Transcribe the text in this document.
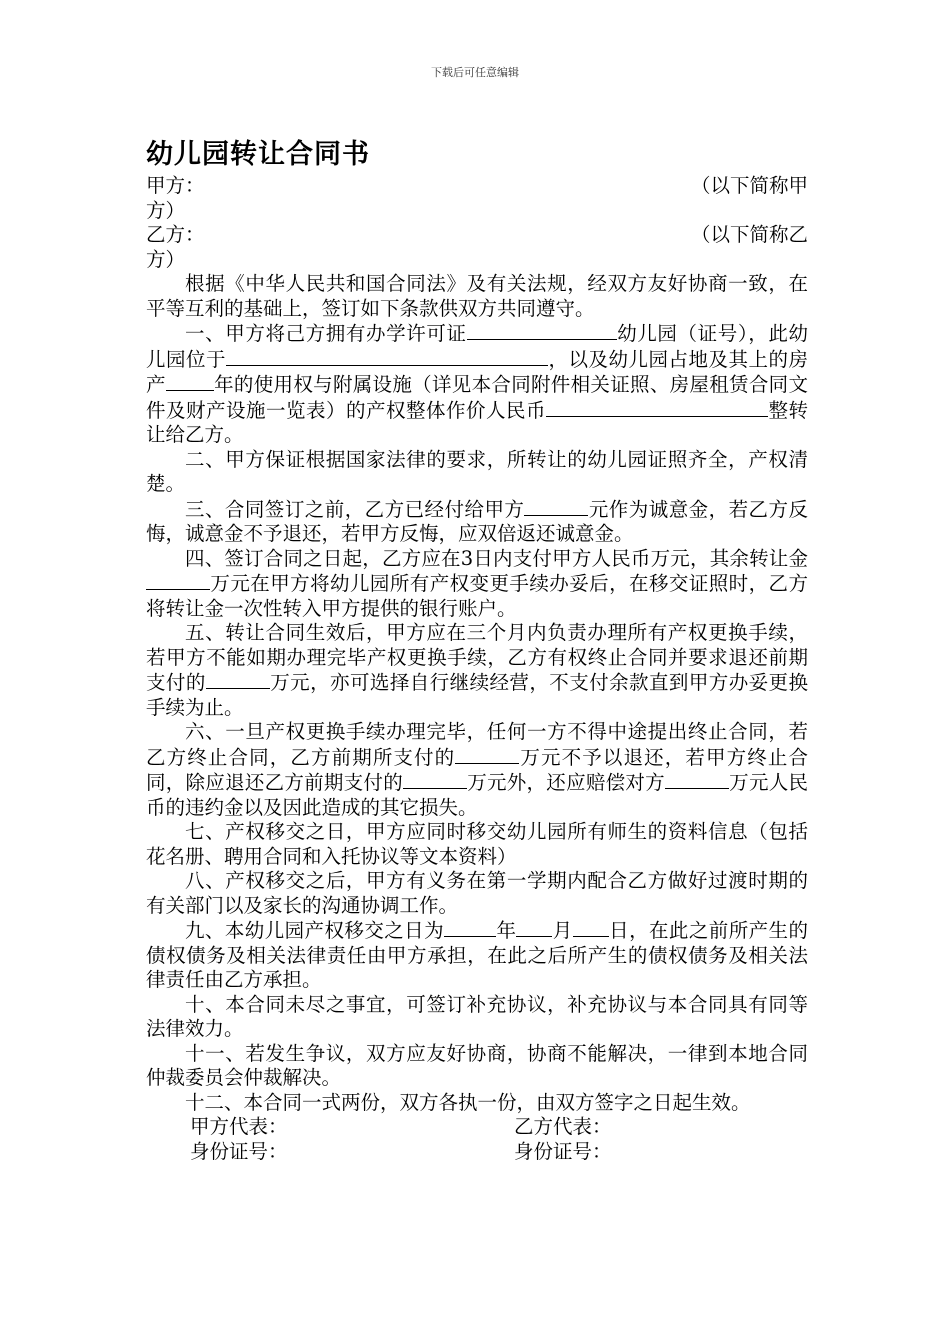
下载后可任意编辑
幼儿园转让合同书
甲方：	（以下简称甲
方）
乙方：	（以下简称乙
方）

根据《中华人民共和国合同法》及有关法规，经双方友好协商一致，在平等互利的基础上，签订如下条款供双方共同遵守。

一、甲方将己方拥有办学许可证	幼儿园（证号），此幼儿园位于	，以及幼儿园占地及其上的房产 年的使用权与附属设施（详见本合同附件相关证照、房屋租赁合同文件及财产设施一览表）的产权整体作价人民币	整转让给乙方。

二、甲方保证根据国家法律的要求，所转让的幼儿园证照齐全，产权清楚。

三、合同签订之前，乙方已经付给甲方	元作为诚意金，若乙方反悔，诚意金不予退还，若甲方反悔，应双倍返还诚意金。

四、签订合同之日起，乙方应在3日内支付甲方人民币万元，其余转让金万元在甲方将幼儿园所有产权变更手续办妥后，在移交证照时，乙方将转让金一次性转入甲方提供的银行账户。

五、转让合同生效后，甲方应在三个月内负责办理所有产权更换手续，若甲方不能如期办理完毕产权更换手续，乙方有权终止合同并要求退还前期支付的	万元，亦可选择自行继续经营，不支付余款直到甲方办妥更换手续为止。

六、一旦产权更换手续办理完毕，任何一方不得中途提出终止合同，若乙方终止合同，乙方前期所支付的	万元不予以退还，若甲方终止合同，除应退还乙方前期支付的	万元外，还应赔偿对方	万元人民币的违约金以及因此造成的其它损失。

七、产权移交之日，甲方应同时移交幼儿园所有师生的资料信息（包括花名册、聘用合同和入托协议等文本资料）

八、产权移交之后，甲方有义务在第一学期内配合乙方做好过渡时期的有关部门以及家长的沟通协调工作。

九、本幼儿园产权移交之日为	年 月 日，在此之前所产生的债权债务及相关法律责任由甲方承担，在此之后所产生的债权债务及相关法律责任由乙方承担。

十、本合同未尽之事宜，可签订补充协议，补充协议与本合同具有同等法律效力。

十一、若发生争议，双方应友好协商，协商不能解决，一律到本地合同仲裁委员会仲裁解决。

十二、本合同一式两份，双方各执一份，由双方签字之日起生效。

甲方代表：	乙方代表：
身份证号：	身份证号：
